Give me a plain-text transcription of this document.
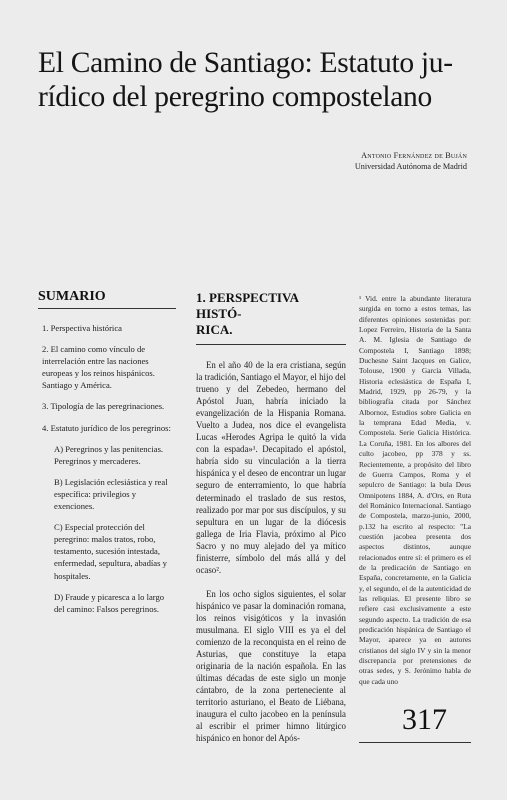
El Camino de Santiago: Estatuto ju-
rídico del peregrino compostelano
Antonio Fernández de Buján
Universidad Autónoma de Madrid
SUMARIO

1. Perspectiva histórica

2. El camino como vínculo de interrelación entre las naciones europeas y los reinos hispánicos. Santiago y América.

3. Tipología de las peregrinaciones.

4. Estatuto jurídico de los peregrinos:

A) Peregrinos y las penitencias. Peregrinos y mercaderes.

B) Legislación eclesiástica y real específica: privilegios y exenciones.

C) Especial protección del peregrino: malos tratos, robo, testamento, sucesión intestada, enfermedad, sepultura, abadías y hospitales.

D) Fraude y picaresca a lo largo del camino: Falsos peregrinos.

1. PERSPECTIVA HISTÓ-
RICA.

En el año 40 de la era cristiana, según la tradición, Santiago el Mayor, el hijo del trueno y del Zebedeo, hermano del Apóstol Juan, habría iniciado la evangelización de la Hispania Romana. Vuelto a Judea, nos dice el evangelista Lucas «Herodes Agripa le quitó la vida con la espada»¹. Decapitado el apóstol, habría sido su vinculación a la tierra hispánica y el deseo de encontrar un lugar seguro de enterramiento, lo que habría determinado el traslado de sus restos, realizado por mar por sus discípulos, y su sepultura en un lugar de la diócesis gallega de Iria Flavia, próximo al Pico Sacro y no muy alejado del ya mítico finisterre, símbolo del más allá y del ocaso².

En los ocho siglos siguientes, el solar hispánico ve pasar la dominación romana, los reinos visigóticos y la invasión musulmana. El siglo VIII es ya el del comienzo de la reconquista en el reino de Asturias, que constituye la etapa originaria de la nación española. En las últimas décadas de este siglo un monje cántabro, de la zona perteneciente al territorio asturiano, el Beato de Liébana, inaugura el culto jacobeo en la península al escribir el primer himno litúrgico hispánico en honor del Após-

¹ Vid. entre la abundante literatura surgida en torno a estos temas, las diferentes opiniones sostenidas por: Lopez Ferreiro, Historia de la Santa A. M. Iglesia de Santiago de Compostela I, Santiago 1898; Duchesne Saint Jacques en Galice, Tolouse, 1900 y García Villada, Historia eclesiástica de España I, Madrid, 1929, pp 26-79, y la bibliografía citada por Sánchez Albornoz, Estudios sobre Galicia en la temprana Edad Media, v. Compostela. Serie Galicia Histórica. La Coruña, 1981. En los albores del culto jacobeo, pp 378 y ss. Recientemente, a propósito del libro de Guerra Campos, Roma y el sepulcro de Santiago: la bula Deus Omnipotens 1884, A. d'Ors, en Ruta del Románico Internacional. Santiago de Compostela, marzo-junio, 2000, p.132 ha escrito al respecto: "La cuestión jacobea presenta dos aspectos distintos, aunque relacionados entre sí: el primero es el de la predicación de Santiago en España, concretamente, en la Galicia y, el segundo, el de la autenticidad de las reliquias. El presente libro se refiere casi exclusivamente a este segundo aspecto. La tradición de esa predicación hispánica de Santiago el Mayor, aparece ya en autores cristianos del siglo IV y sin la menor discrepancia por pretensiones de otras sedes, y S. Jerónimo habla de que cada uno

317
